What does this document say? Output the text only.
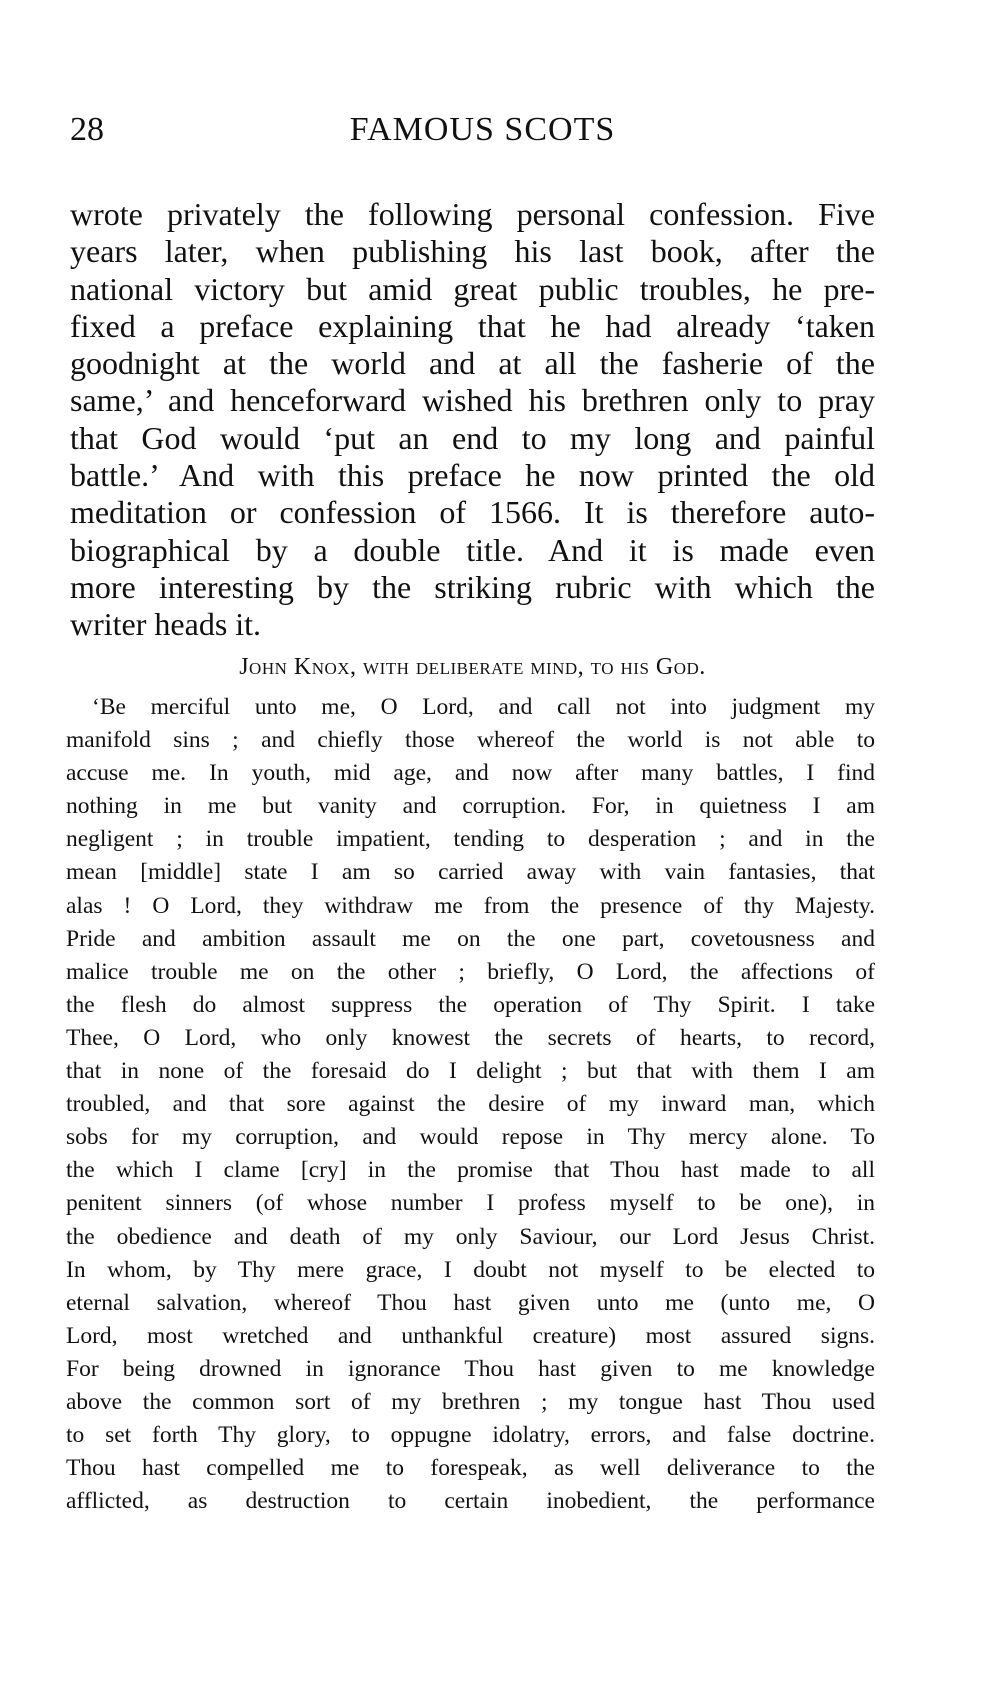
28	FAMOUS SCOTS
wrote privately the following personal confession. Five
years later, when publishing his last book, after the
national victory but amid great public troubles, he pre-
fixed a preface explaining that he had already ‘taken
goodnight at the world and at all the fasherie of the
same,’ and henceforward wished his brethren only to pray
that God would ‘put an end to my long and painful
battle.’ And with this preface he now printed the old
meditation or confession of 1566. It is therefore auto-
biographical by a double title. And it is made even
more interesting by the striking rubric with which the
writer heads it.
John Knox, with deliberate mind, to his God.
‘Be merciful unto me, O Lord, and call not into judgment my
manifold sins ; and chiefly those whereof the world is not able to
accuse me. In youth, mid age, and now after many battles, I find
nothing in me but vanity and corruption. For, in quietness I am
negligent ; in trouble impatient, tending to desperation ; and in the
mean [middle] state I am so carried away with vain fantasies, that
alas ! O Lord, they withdraw me from the presence of thy Majesty.
Pride and ambition assault me on the one part, covetousness and
malice trouble me on the other ; briefly, O Lord, the affections of
the flesh do almost suppress the operation of Thy Spirit. I take
Thee, O Lord, who only knowest the secrets of hearts, to record,
that in none of the foresaid do I delight ; but that with them I am
troubled, and that sore against the desire of my inward man, which
sobs for my corruption, and would repose in Thy mercy alone. To
the which I clame [cry] in the promise that Thou hast made to all
penitent sinners (of whose number I profess myself to be one), in
the obedience and death of my only Saviour, our Lord Jesus Christ.
In whom, by Thy mere grace, I doubt not myself to be elected to
eternal salvation, whereof Thou hast given unto me (unto me, O
Lord, most wretched and unthankful creature) most assured signs.
For being drowned in ignorance Thou hast given to me knowledge
above the common sort of my brethren ; my tongue hast Thou used
to set forth Thy glory, to oppugne idolatry, errors, and false doctrine.
Thou hast compelled me to forespeak, as well deliverance to the
afflicted, as destruction to certain inobedient, the performance
